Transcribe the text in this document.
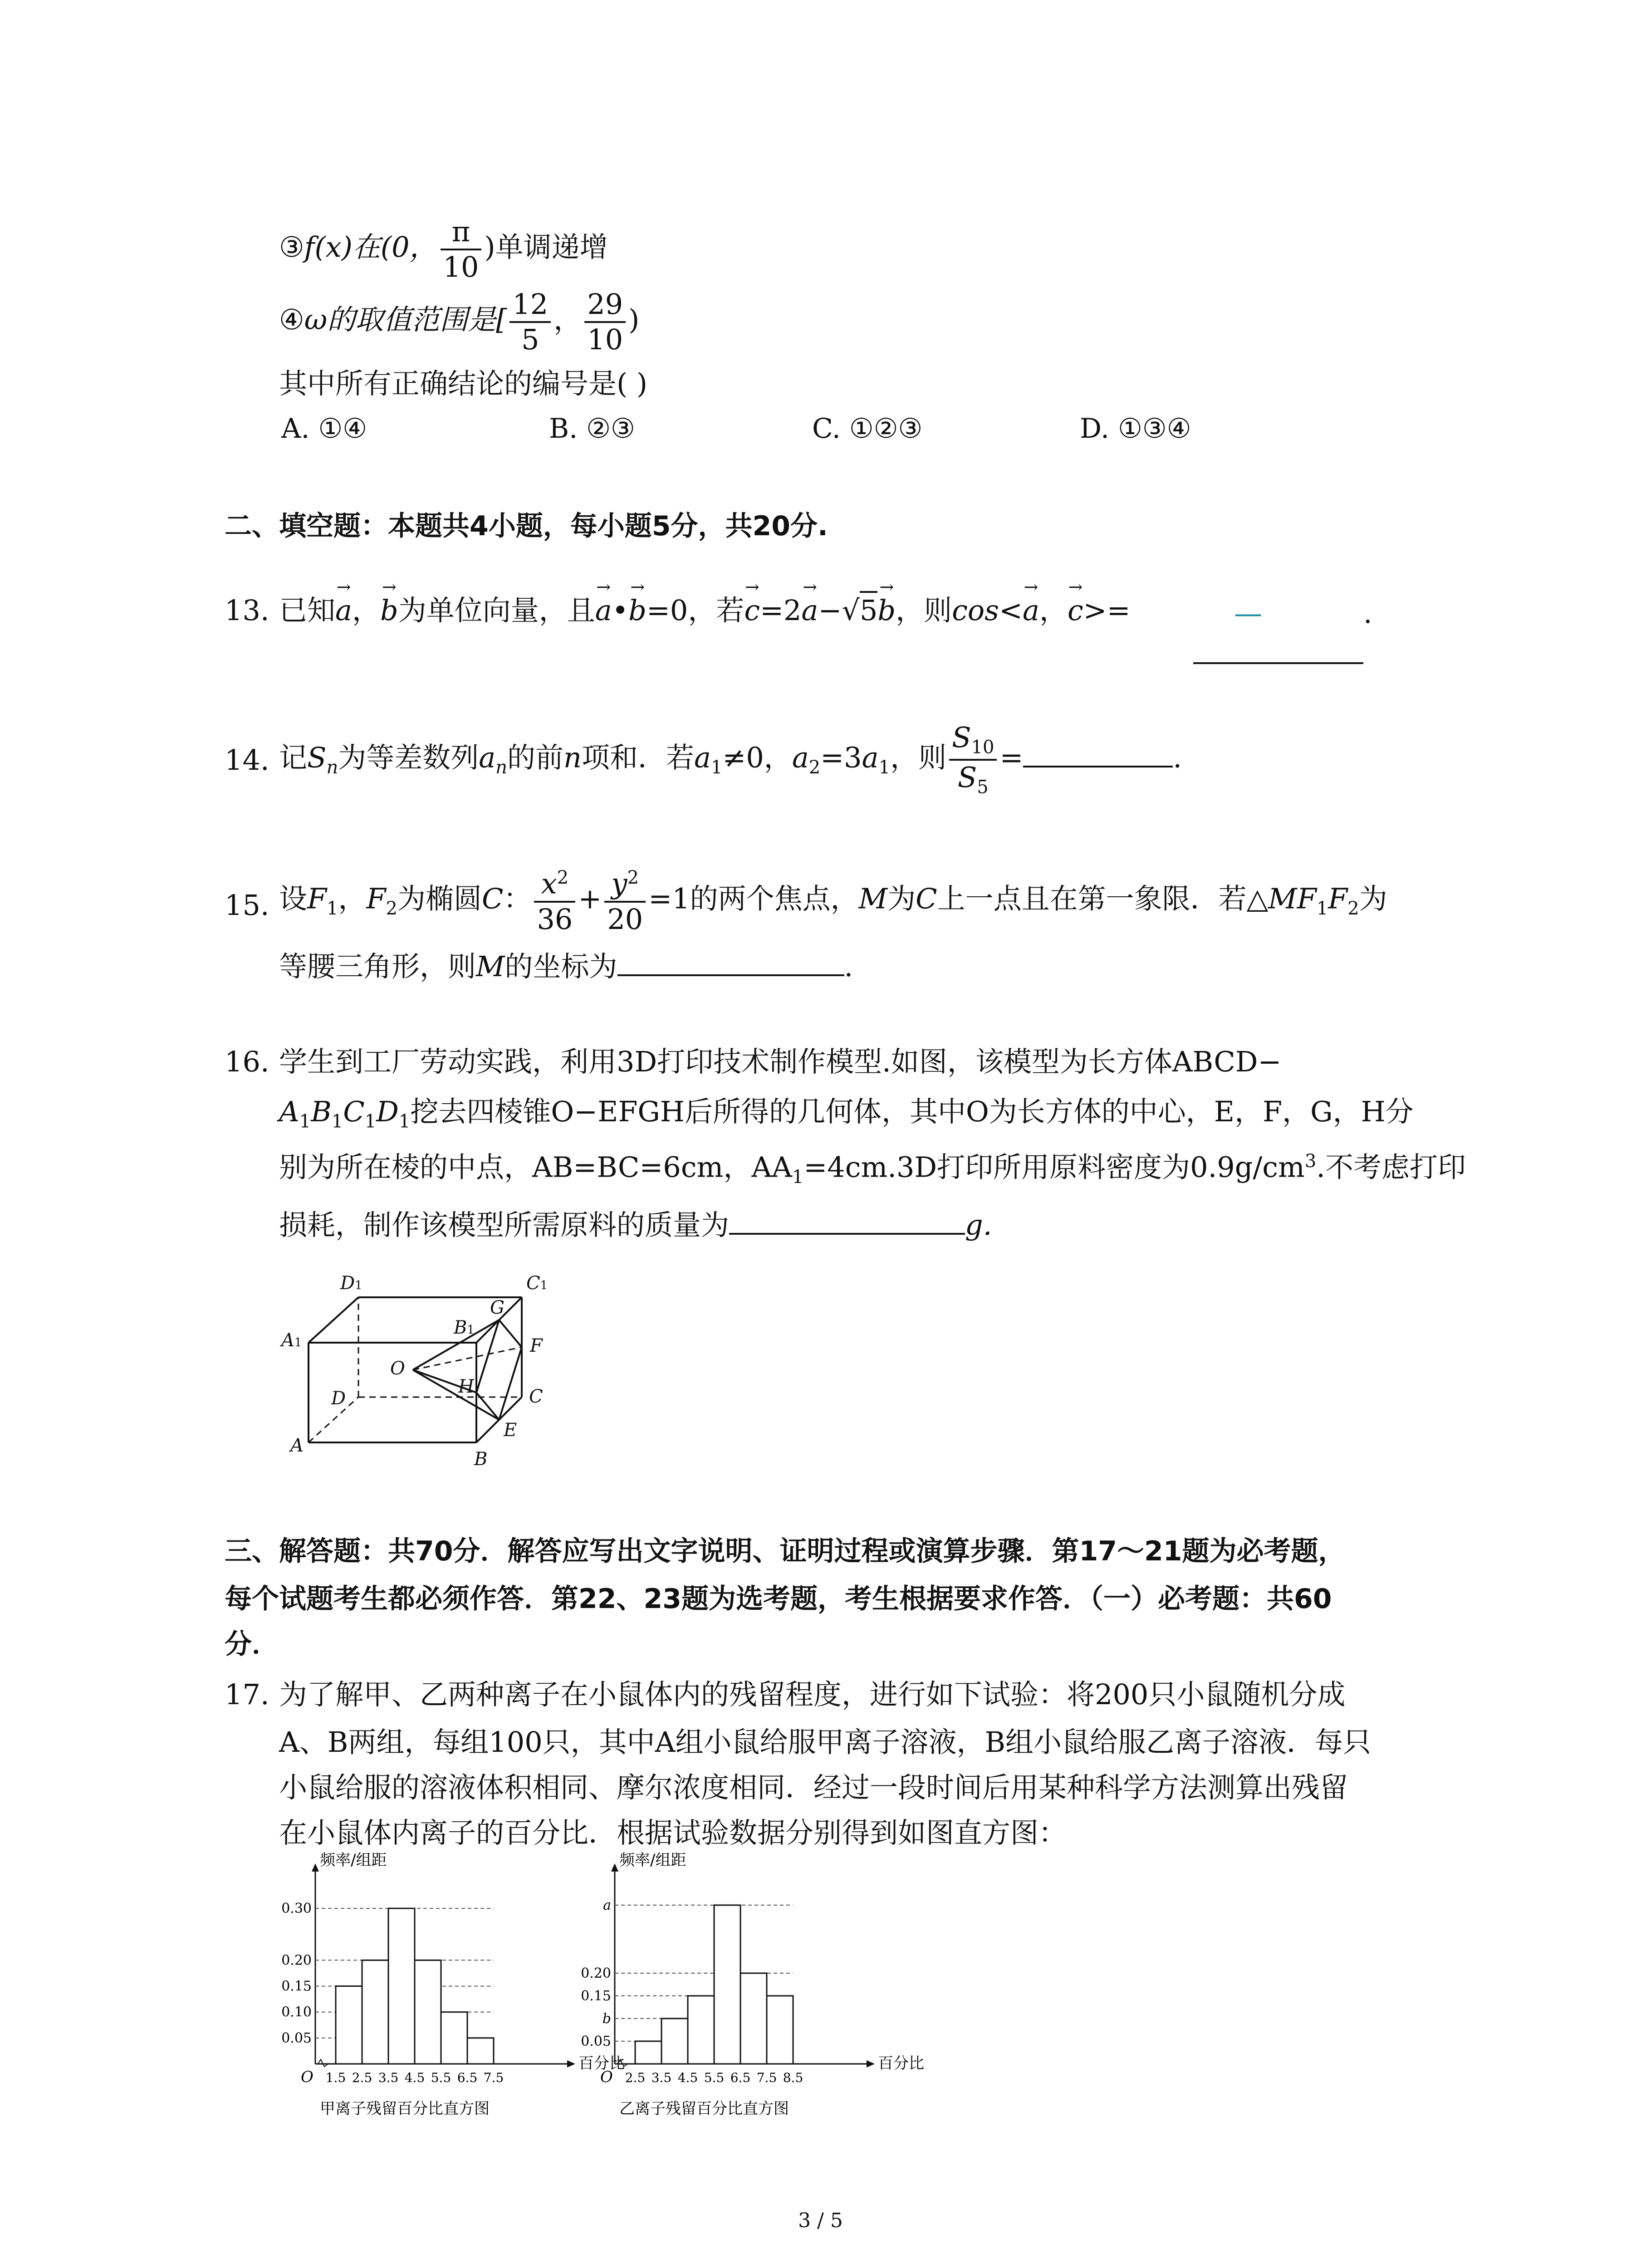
③f(x)在(0， $\frac{\pi}{10}$ )单调递增
④ω的取值范围是[ $\frac{12}{5}$ ， $\frac{29}{10}$ )
其中所有正确结论的编号是( )
A. ①④	B. ②③	C. ①②③	D. ①③④
二、填空题：本题共4小题，每小题5分，共20分.
13. 已知→ a，→ b为单位向量，且→ a•→ b=0，若→ c=2→ a−√5→ b，则cos<→ a，→ c>=	—	.
14. 记$S_n$为等差数列$a_n$的前n项和．若$a_1\ne 0$，$a_2=3a_1$，则 $\frac{S_{10}}{S_5}$ =	.
15. 设$F_1$，$F_2$为椭圆C： $\frac{x^2}{36} + \frac{y^2}{20} =1$的两个焦点，M为C上一点且在第一象限．若$\triangle MF_1F_2$为
等腰三角形，则M的坐标为	.
16. 学生到工厂劳动实践，利用3D打印技术制作模型.如图，该模型为长方体ABCD−
$A_1B_1C_1D_1$挖去四棱锥O−EFGH后所得的几何体，其中O为长方体的中心，E，F，G，H分
别为所在棱的中点，AB=BC=6cm，$AA_1=4cm.3D$打印所用原料密度为$0.9g/cm^3$.不考虑打印
损耗，制作该模型所需原料的质量为	g.
D1	C1
A1
B1
G
F
O
H
D	C
E
A
B
三、解答题：共70分．解答应写出文字说明、证明过程或演算步骤．第17～21题为必考题，
每个试题考生都必须作答．第22、23题为选考题，考生根据要求作答．（一）必考题：共60
分．
17. 为了解甲、乙两种离子在小鼠体内的残留程度，进行如下试验：将200只小鼠随机分成
A、B两组，每组100只，其中A组小鼠给服甲离子溶液，B组小鼠给服乙离子溶液．每只
小鼠给服的溶液体积相同、摩尔浓度相同．经过一段时间后用某种科学方法测算出残留
在小鼠体内离子的百分比．根据试验数据分别得到如图直方图：
频率/组距
百分比
O
0.05
0.10
0.15
0.20
0.30
1.5 2.5 3.5 4.5 5.5 6.5 7.5
甲离子残留百分比直方图
频率/组距
百分比
O
0.05
b
0.15
0.20
a
2.5 3.5 4.5 5.5 6.5 7.5 8.5
乙离子残留百分比直方图
3 / 5
